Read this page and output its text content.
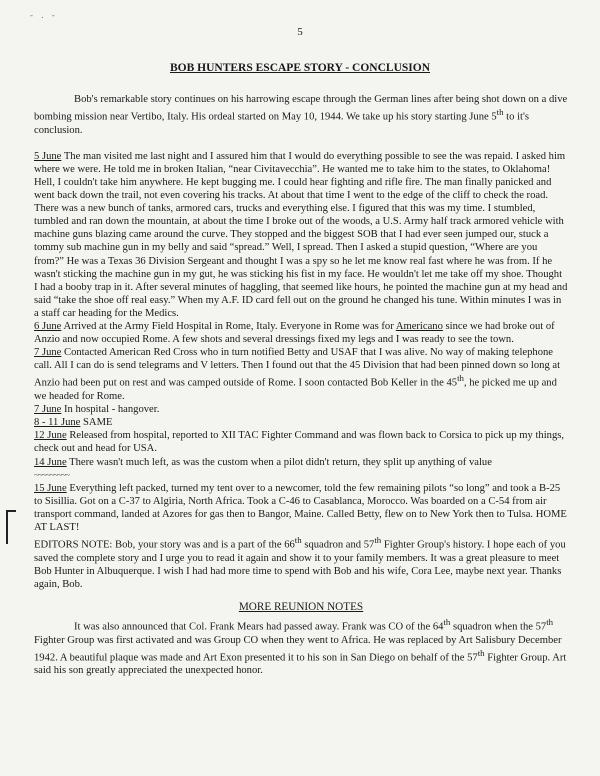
- . -
5
BOB HUNTERS ESCAPE STORY - CONCLUSION

Bob's remarkable story continues on his harrowing escape through the German lines after being shot down on a dive bombing mission near Vertibo, Italy. His ordeal started on May 10, 1944. We take up his story starting June 5th to it's conclusion.

5 June The man visited me last night and I assured him that I would do everything possible to see the was repaid. I asked him where we were. He told me in broken Italian, “near Civitavecchia”. He wanted me to take him to the states, to Oklahoma! Hell, I couldn't take him anywhere. He kept bugging me. I could hear fighting and rifle fire. The man finally panicked and went back down the trail, not even covering his tracks. At about that time I went to the edge of the cliff to check the road. There was a new bunch of tanks, armored cars, trucks and everything else. I figured that this was my time. I stumbled, tumbled and ran down the mountain, at about the time I broke out of the woods, a U.S. Army half track armored vehicle with machine guns blazing came around the curve. They stopped and the biggest SOB that I had ever seen jumped our, stuck a tommy sub machine gun in my belly and said “spread.” Well, I spread. Then I asked a stupid question, “Where are you from?” He was a Texas 36 Division Sergeant and thought I was a spy so he let me know real fast where he was from. If he wasn't sticking the machine gun in my gut, he was sticking his fist in my face. He wouldn't let me take off my shoe. Thought I had a booby trap in it. After several minutes of haggling, that seemed like hours, he pointed the machine gun at my head and said “take the shoe off real easy.” When my A.F. ID card fell out on the ground he changed his tune. Within minutes I was in a staff car heading for the Medics.

6 June Arrived at the Army Field Hospital in Rome, Italy. Everyone in Rome was for Americano since we had broke out of Anzio and now occupied Rome. A few shots and several dressings fixed my legs and I was ready to see the town.

7 June Contacted American Red Cross who in turn notified Betty and USAF that I was alive. No way of making telephone call. All I can do is send telegrams and V letters. Then I found out that the 45 Division that had been pinned down so long at Anzio had been put on rest and was camped outside of Rome. I soon contacted Bob Keller in the 45th, he picked me up and we headed for Rome.

7 June In hospital - hangover.

8 - 11 June SAME

12 June Released from hospital, reported to XII TAC Fighter Command and was flown back to Corsica to pick up my things, check out and head for USA.

14 June There wasn't much left, as was the custom when a pilot didn't return, they split up anything of value

~~~~~~~~~

15 June Everything left packed, turned my tent over to a newcomer, told the few remaining pilots “so long” and took a B-25 to Sisillia. Got on a C-37 to Algiria, North Africa. Took a C-46 to Casablanca, Morocco. Was boarded on a C-54 from air transport command, landed at Azores for gas then to Bangor, Maine. Called Betty, flew on to New York then to Tulsa. HOME AT LAST!

EDITORS NOTE: Bob, your story was and is a part of the 66th squadron and 57th Fighter Group's history. I hope each of you saved the complete story and I urge you to read it again and show it to your family members. It was a great pleasure to meet Bob Hunter in Albuquerque. I wish I had had more time to spend with Bob and his wife, Cora Lee, maybe next year. Thanks again, Bob.

MORE REUNION NOTES

It was also announced that Col. Frank Mears had passed away. Frank was CO of the 64th squadron when the 57th Fighter Group was first activated and was Group CO when they went to Africa. He was replaced by Art Salisbury December 1942. A beautiful plaque was made and Art Exon presented it to his son in San Diego on behalf of the 57th Fighter Group. Art said his son greatly appreciated the unexpected honor.
